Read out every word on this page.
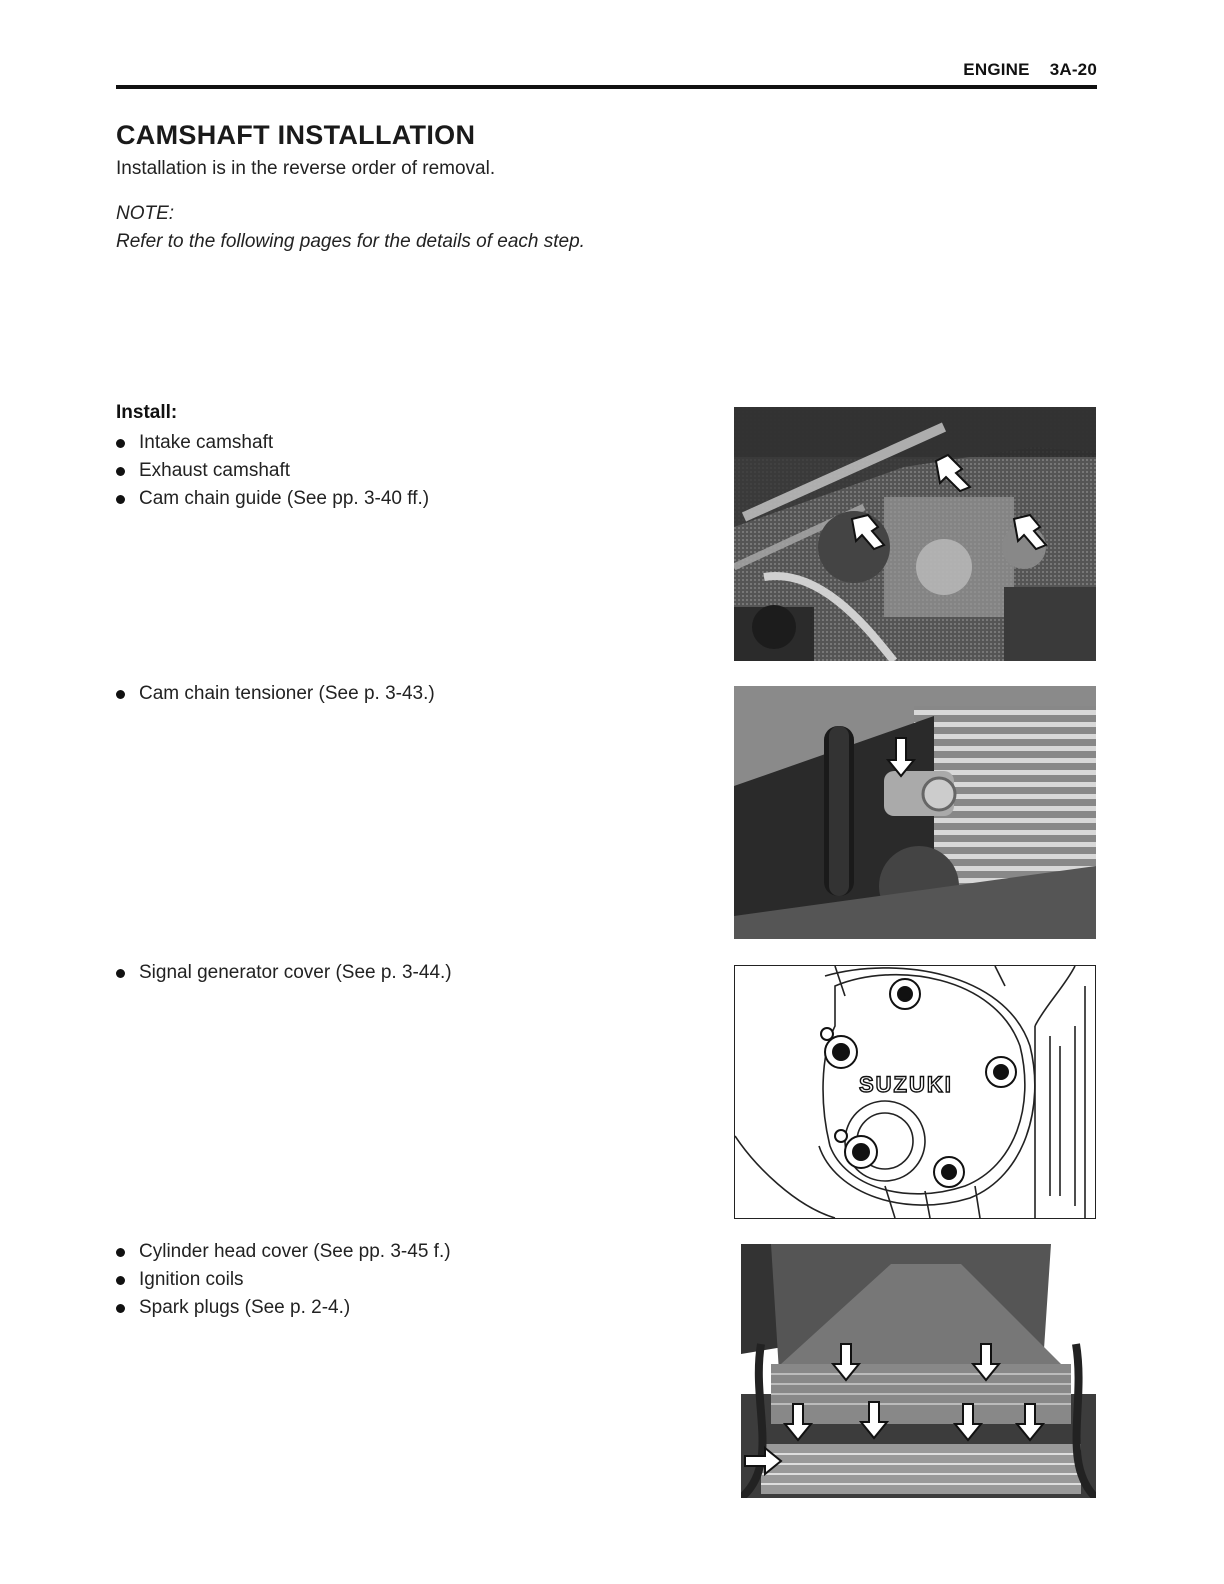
ENGINE 3A-20
CAMSHAFT INSTALLATION
Installation is in the reverse order of removal.
NOTE:
Refer to the following pages for the details of each step.
Install:
Intake camshaft
Exhaust camshaft
Cam chain guide (See pp. 3-40 ff.)
Cam chain tensioner (See p. 3-43.)
Signal generator cover (See p. 3-44.)
Cylinder head cover (See pp. 3-45 f.)
Ignition coils
Spark plugs (See p. 2-4.)
SUZUKI
